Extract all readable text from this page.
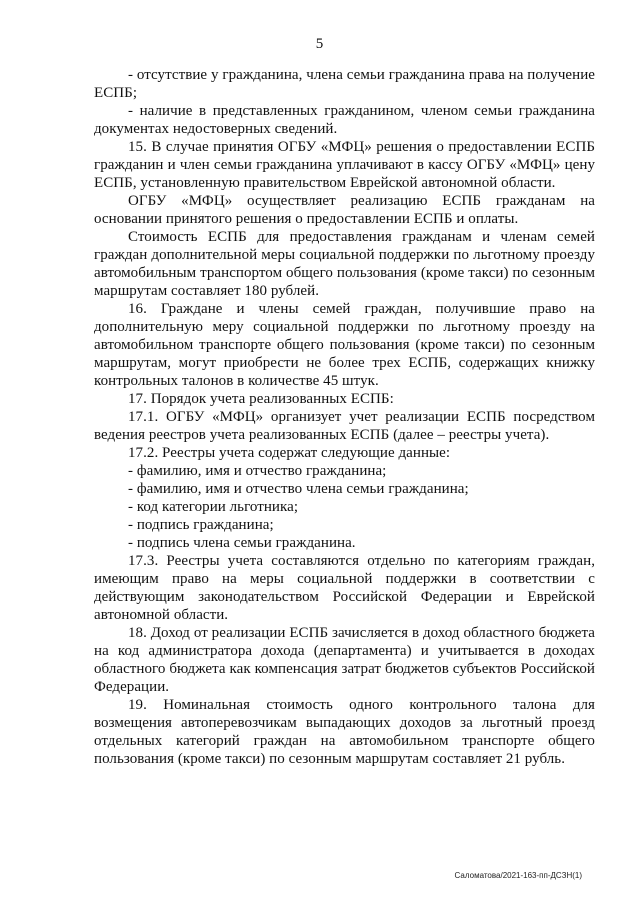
5

- отсутствие у гражданина, члена семьи гражданина права на получение ЕСПБ;

- наличие в представленных гражданином, членом семьи гражданина документах недостоверных сведений.

15. В случае принятия ОГБУ «МФЦ» решения о предоставлении ЕСПБ гражданин и член семьи гражданина уплачивают в кассу ОГБУ «МФЦ» цену ЕСПБ, установленную правительством Еврейской автономной области.

ОГБУ «МФЦ» осуществляет реализацию ЕСПБ гражданам на основании принятого решения о предоставлении ЕСПБ и оплаты.

Стоимость ЕСПБ для предоставления гражданам и членам семей граждан дополнительной меры социальной поддержки по льготному проезду автомобильным транспортом общего пользования (кроме такси) по сезонным маршрутам составляет 180 рублей.

16. Граждане и члены семей граждан, получившие право на дополнительную меру социальной поддержки по льготному проезду на автомобильном транспорте общего пользования (кроме такси) по сезонным маршрутам, могут приобрести не более трех ЕСПБ, содержащих книжку контрольных талонов в количестве 45 штук.

17. Порядок учета реализованных ЕСПБ:

17.1. ОГБУ «МФЦ» организует учет реализации ЕСПБ посредством ведения реестров учета реализованных ЕСПБ (далее – реестры учета).

17.2. Реестры учета содержат следующие данные:

- фамилию, имя и отчество гражданина;

- фамилию, имя и отчество члена семьи гражданина;

- код категории льготника;

- подпись гражданина;

- подпись члена семьи гражданина.

17.3. Реестры учета составляются отдельно по категориям граждан, имеющим право на меры социальной поддержки в соответствии с действующим законодательством Российской Федерации и Еврейской автономной области.

18. Доход от реализации ЕСПБ зачисляется в доход областного бюджета на код администратора дохода (департамента) и учитывается в доходах областного бюджета как компенсация затрат бюджетов субъектов Российской Федерации.

19. Номинальная стоимость одного контрольного талона для возмещения автоперевозчикам выпадающих доходов за льготный проезд отдельных категорий граждан на автомобильном транспорте общего пользования (кроме такси) по сезонным маршрутам составляет 21 рубль.

Саломатова/2021-163-пп-ДСЗН(1)
